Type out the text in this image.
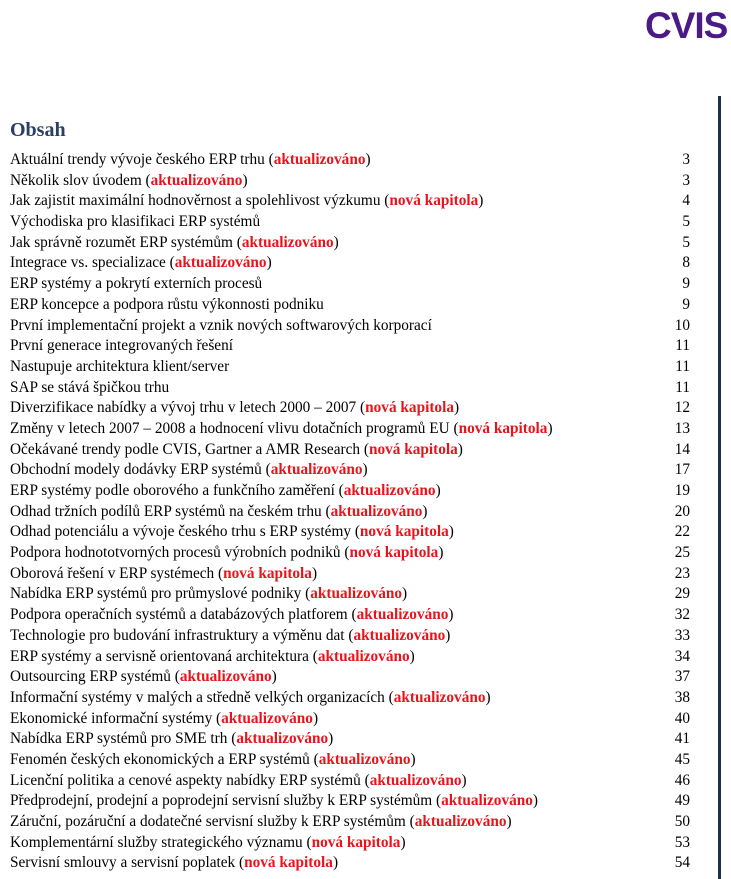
CVIS
Obsah
Aktuální trendy vývoje českého ERP trhu (aktualizováno)	3
Několik slov úvodem (aktualizováno)	3
Jak zajistit maximální hodnověrnost a spolehlivost výzkumu (nová kapitola)	4
Východiska pro klasifikaci ERP systémů	5
Jak správně rozumět ERP systémům (aktualizováno)	5
Integrace vs. specializace (aktualizováno)	8
ERP systémy a pokrytí externích procesů	9
ERP koncepce a podpora růstu výkonnosti podniku	9
První implementační projekt a vznik nových softwarových korporací	10
První generace integrovaných řešení	11
Nastupuje architektura klient/server	11
SAP se stává špičkou trhu	11
Diverzifikace nabídky a vývoj trhu v letech 2000 – 2007 (nová kapitola)	12
Změny v letech 2007 – 2008 a hodnocení vlivu dotačních programů EU (nová kapitola)	13
Očekávané trendy podle CVIS, Gartner a AMR Research (nová kapitola)	14
Obchodní modely dodávky ERP systémů (aktualizováno)	17
ERP systémy podle oborového a funkčního zaměření (aktualizováno)	19
Odhad tržních podílů ERP systémů na českém trhu (aktualizováno)	20
Odhad potenciálu a vývoje českého trhu s ERP systémy (nová kapitola)	22
Podpora hodnototvorných procesů výrobních podniků (nová kapitola)	25
Oborová řešení v ERP systémech (nová kapitola)	23
Nabídka ERP systémů pro průmyslové podniky (aktualizováno)	29
Podpora operačních systémů a databázových platforem (aktualizováno)	32
Technologie pro budování infrastruktury a výměnu dat (aktualizováno)	33
ERP systémy a servisně orientovaná architektura (aktualizováno)	34
Outsourcing ERP systémů (aktualizováno)	37
Informační systémy v malých a středně velkých organizacích (aktualizováno)	38
Ekonomické informační systémy (aktualizováno)	40
Nabídka ERP systémů pro SME trh (aktualizováno)	41
Fenomén českých ekonomických a ERP systémů (aktualizováno)	45
Licenční politika a cenové aspekty nabídky ERP systémů (aktualizováno)	46
Předprodejní, prodejní a poprodejní servisní služby k ERP systémům (aktualizováno)	49
Záruční, pozáruční a dodatečné servisní služby k ERP systémům (aktualizováno)	50
Komplementární služby strategického významu (nová kapitola)	53
Servisní smlouvy a servisní poplatek (nová kapitola)	54
